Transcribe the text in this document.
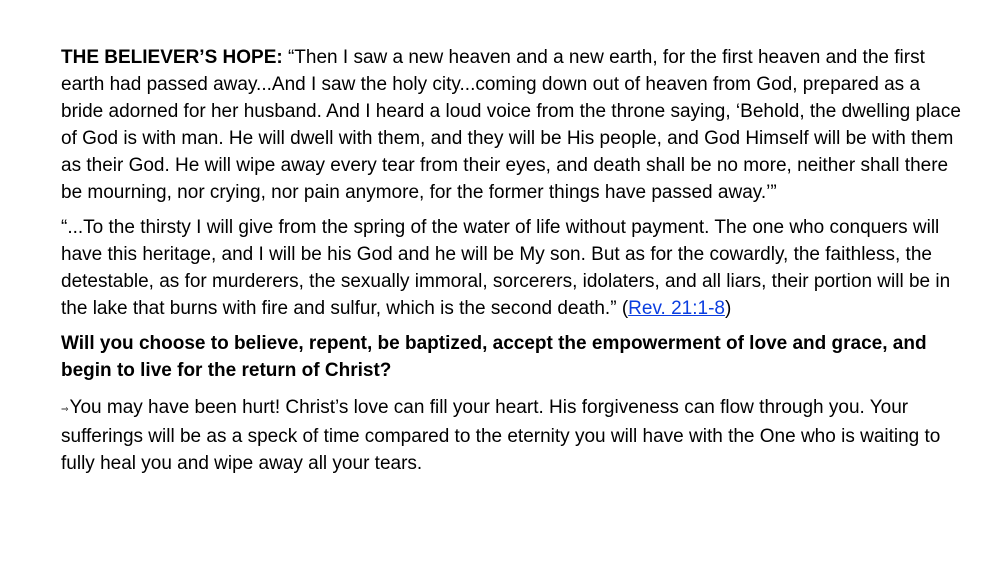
THE BELIEVER’S HOPE: “Then I saw a new heaven and a new earth, for the first heaven and the first earth had passed away...And I saw the holy city...coming down out of heaven from God, prepared as a bride adorned for her husband. And I heard a loud voice from the throne saying, ‘Behold, the dwelling place of God is with man. He will dwell with them, and they will be His people, and God Himself will be with them as their God. He will wipe away every tear from their eyes, and death shall be no more, neither shall there be mourning, nor crying, nor pain anymore, for the former things have passed away.’”

“...To the thirsty I will give from the spring of the water of life without payment. The one who conquers will have this heritage, and I will be his God and he will be My son. But as for the cowardly, the faithless, the detestable, as for murderers, the sexually immoral, sorcerers, idolaters, and all liars, their portion will be in the lake that burns with fire and sulfur, which is the second death.” (Rev. 21:1-8)

Will you choose to believe, repent, be baptized, accept the empowerment of love and grace, and begin to live for the return of Christ?

⇒You may have been hurt! Christ’s love can fill your heart. His forgiveness can flow through you. Your sufferings will be as a speck of time compared to the eternity you will have with the One who is waiting to fully heal you and wipe away all your tears.
